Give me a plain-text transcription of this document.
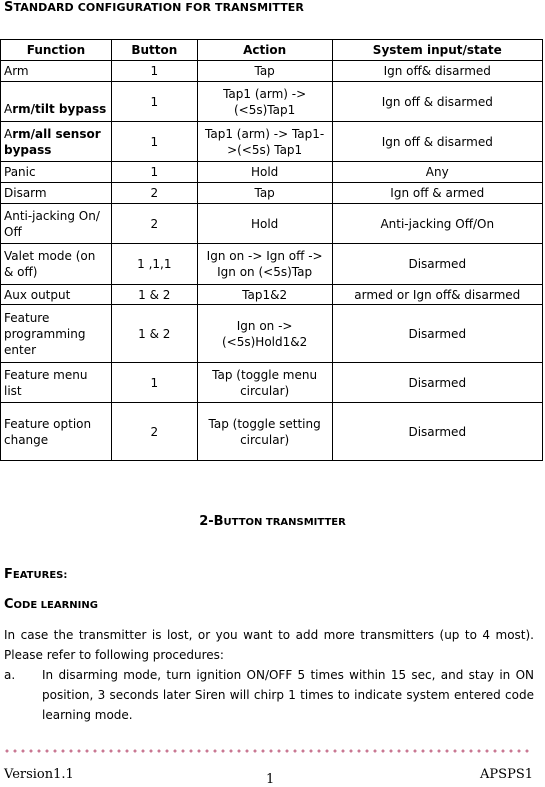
STANDARD CONFIGURATION FOR TRANSMITTER
Function	Button	Action	System input/state
Arm	1	Tap	Ign off& disarmed
Arm/tilt bypass	1	Tap1 (arm) ->(<5s)Tap1	Ign off & disarmed
Arm/all sensor bypass	1	Tap1 (arm) -> Tap1->(<5s) Tap1	Ign off & disarmed
Panic	1	Hold	Any
Disarm	2	Tap	Ign off & armed
Anti-jacking On/ Off	2	Hold	Anti-jacking Off/On
Valet mode (on & off)	1 ,1,1	Ign on -> Ign off -> Ign on (<5s)Tap	Disarmed
Aux output	1 & 2	Tap1&2	armed or Ign off& disarmed
Feature programming enter	1 & 2	Ign on ->(<5s)Hold1&2	Disarmed
Feature menu list	1	Tap (toggle menu circular)	Disarmed
Feature option change	2	Tap (toggle setting circular)	Disarmed
2-BUTTON TRANSMITTER
FEATURES:
CODE LEARNING
In case the transmitter is lost, or you want to add more transmitters (up to 4 most). Please refer to following procedures:
a. In disarming mode, turn ignition ON/OFF 5 times within 15 sec, and stay in ON position, 3 seconds later Siren will chirp 1 times to indicate system entered code learning mode.
Version1.1	1	APSPS1
